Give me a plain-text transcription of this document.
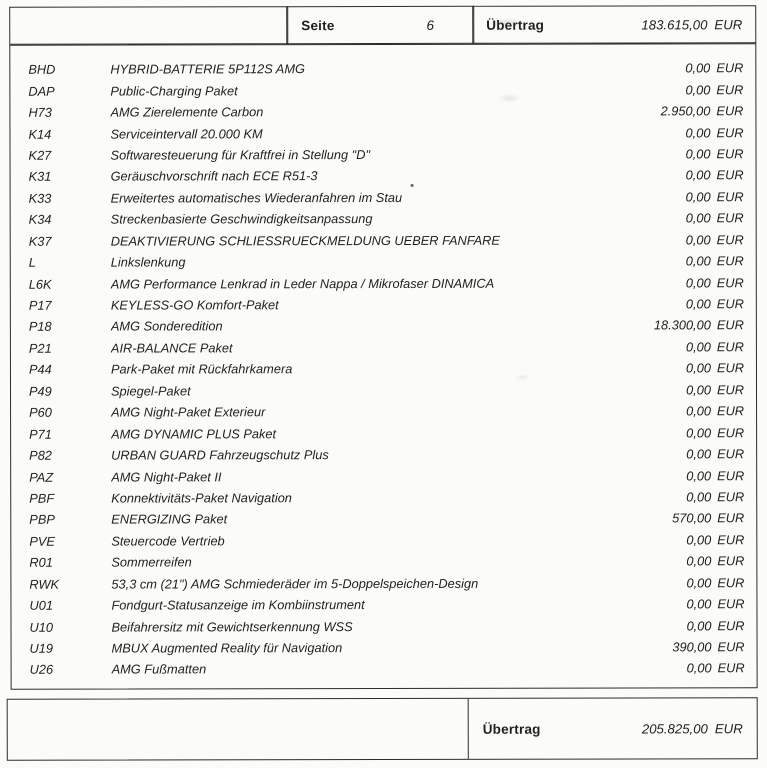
Seite	6	Übertrag	183.615,00 EUR
BHD	HYBRID-BATTERIE 5P112S AMG	0,00 EUR
DAP	Public-Charging Paket	0,00 EUR
H73	AMG Zierelemente Carbon	2.950,00 EUR
K14	Serviceintervall 20.000 KM	0,00 EUR
K27	Softwaresteuerung für Kraftfrei in Stellung "D"	0,00 EUR
K31	Geräuschvorschrift nach ECE R51-3	0,00 EUR
K33	Erweitertes automatisches Wiederanfahren im Stau	0,00 EUR
K34	Streckenbasierte Geschwindigkeitsanpassung	0,00 EUR
K37	DEAKTIVIERUNG SCHLIESSRUECKMELDUNG UEBER FANFARE	0,00 EUR
L	Linkslenkung	0,00 EUR
L6K	AMG Performance Lenkrad in Leder Nappa / Mikrofaser DINAMICA	0,00 EUR
P17	KEYLESS-GO Komfort-Paket	0,00 EUR
P18	AMG Sonderedition	18.300,00 EUR
P21	AIR-BALANCE Paket	0,00 EUR
P44	Park-Paket mit Rückfahrkamera	0,00 EUR
P49	Spiegel-Paket	0,00 EUR
P60	AMG Night-Paket Exterieur	0,00 EUR
P71	AMG DYNAMIC PLUS Paket	0,00 EUR
P82	URBAN GUARD Fahrzeugschutz Plus	0,00 EUR
PAZ	AMG Night-Paket II	0,00 EUR
PBF	Konnektivitäts-Paket Navigation	0,00 EUR
PBP	ENERGIZING Paket	570,00 EUR
PVE	Steuercode Vertrieb	0,00 EUR
R01	Sommerreifen	0,00 EUR
RWK	53,3 cm (21") AMG Schmiederäder im 5-Doppelspeichen-Design	0,00 EUR
U01	Fondgurt-Statusanzeige im Kombiinstrument	0,00 EUR
U10	Beifahrersitz mit Gewichtserkennung WSS	0,00 EUR
U19	MBUX Augmented Reality für Navigation	390,00 EUR
U26	AMG Fußmatten	0,00 EUR
Übertrag	205.825,00 EUR
